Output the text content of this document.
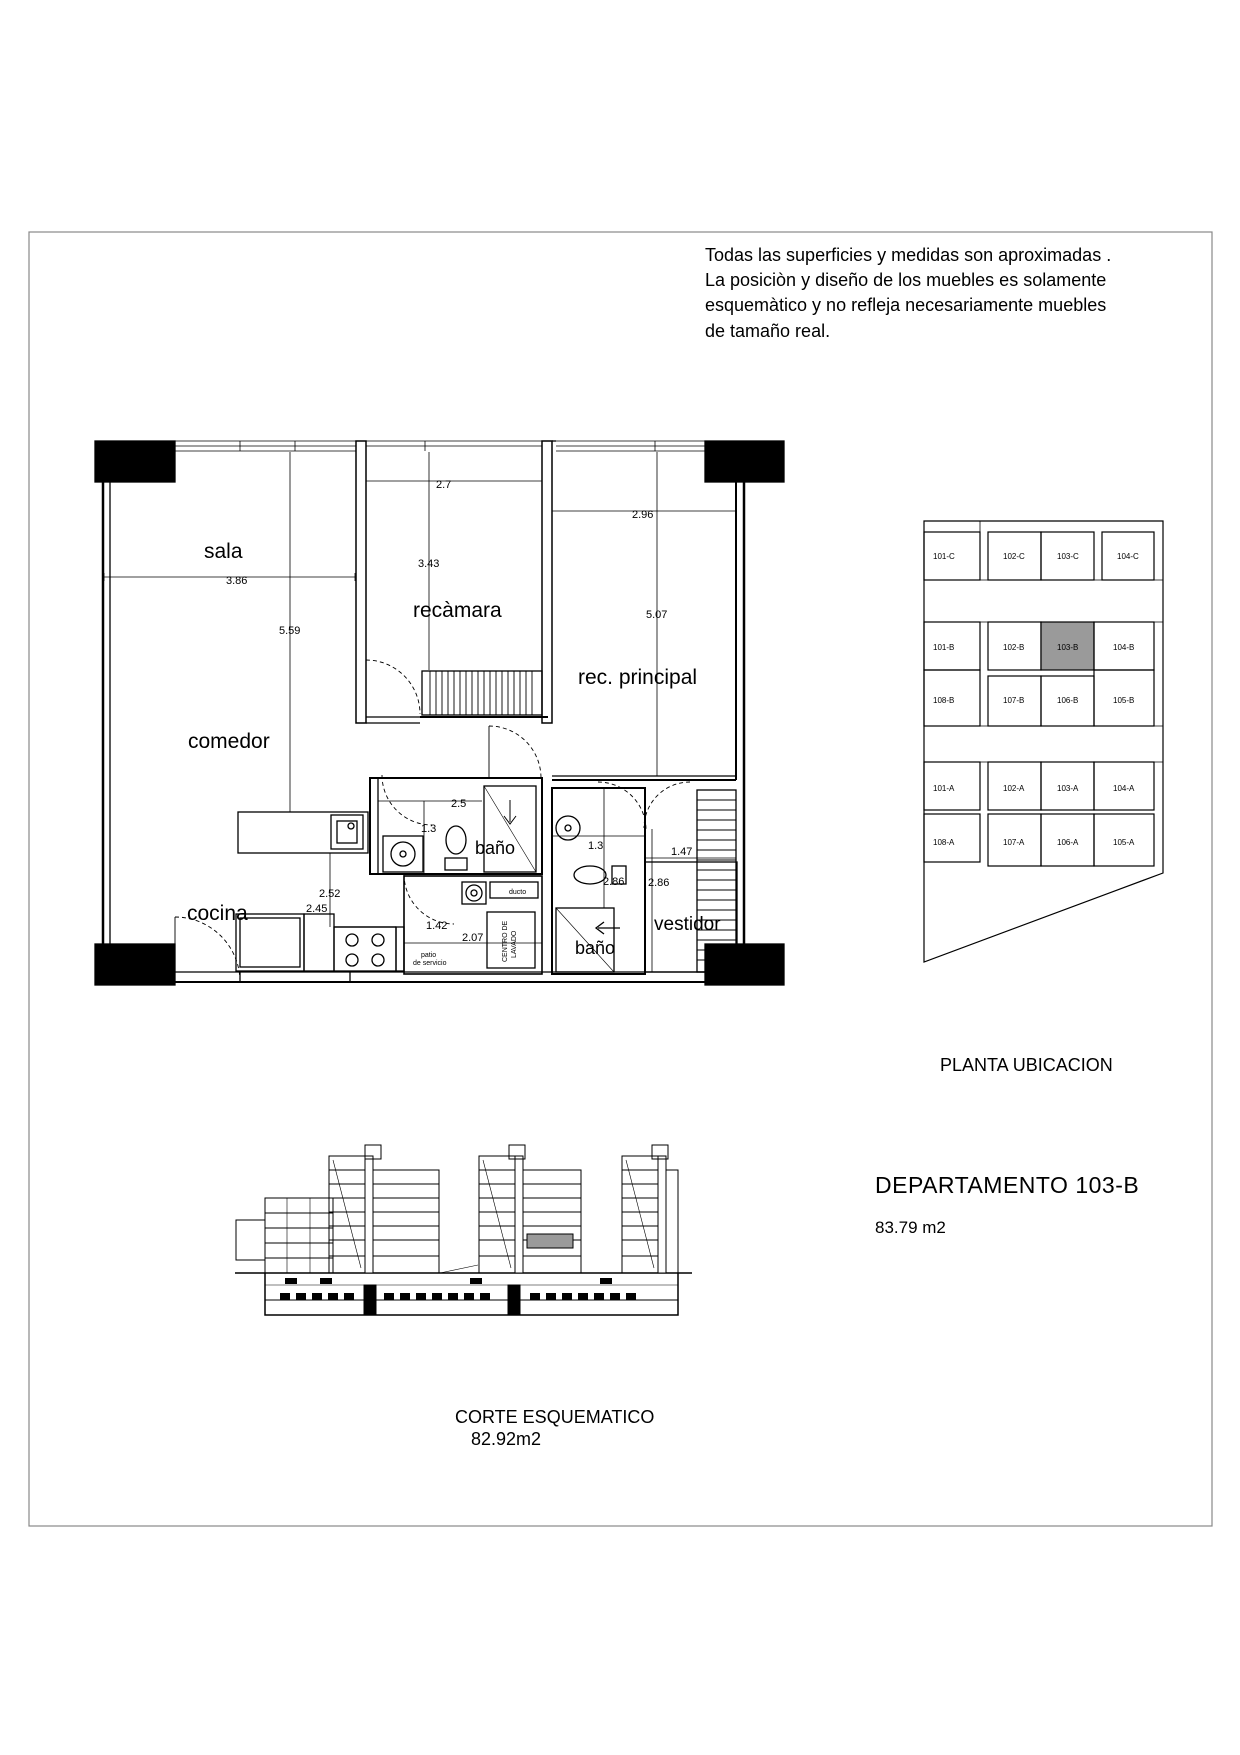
Todas las superficies y medidas son aproximadas .
La posiciòn y diseño de los muebles es solamente
esquemàtico y no refleja necesariamente muebles
de tamaño real.
sala
recàmara
rec. principal
comedor
cocina
baño
baño
vestidor
patio
de servicio
ducto
CENTRO DE LAVADO
3.86
5.59
2.7
3.43
2.96
5.07
2.5
1.3
1.3
2.86 2.86
1.47
2.52
2.45
1.42
2.07
101-C	102-C	103-C	104-C
101-B	102-B	103-B	104-B
108-B	107-B	106-B	105-B
101-A	102-A	103-A	104-A
108-A	107-A	106-A	105-A
PLANTA UBICACION
CORTE ESQUEMATICO
82.92m2
DEPARTAMENTO 103-B
83.79 m2
